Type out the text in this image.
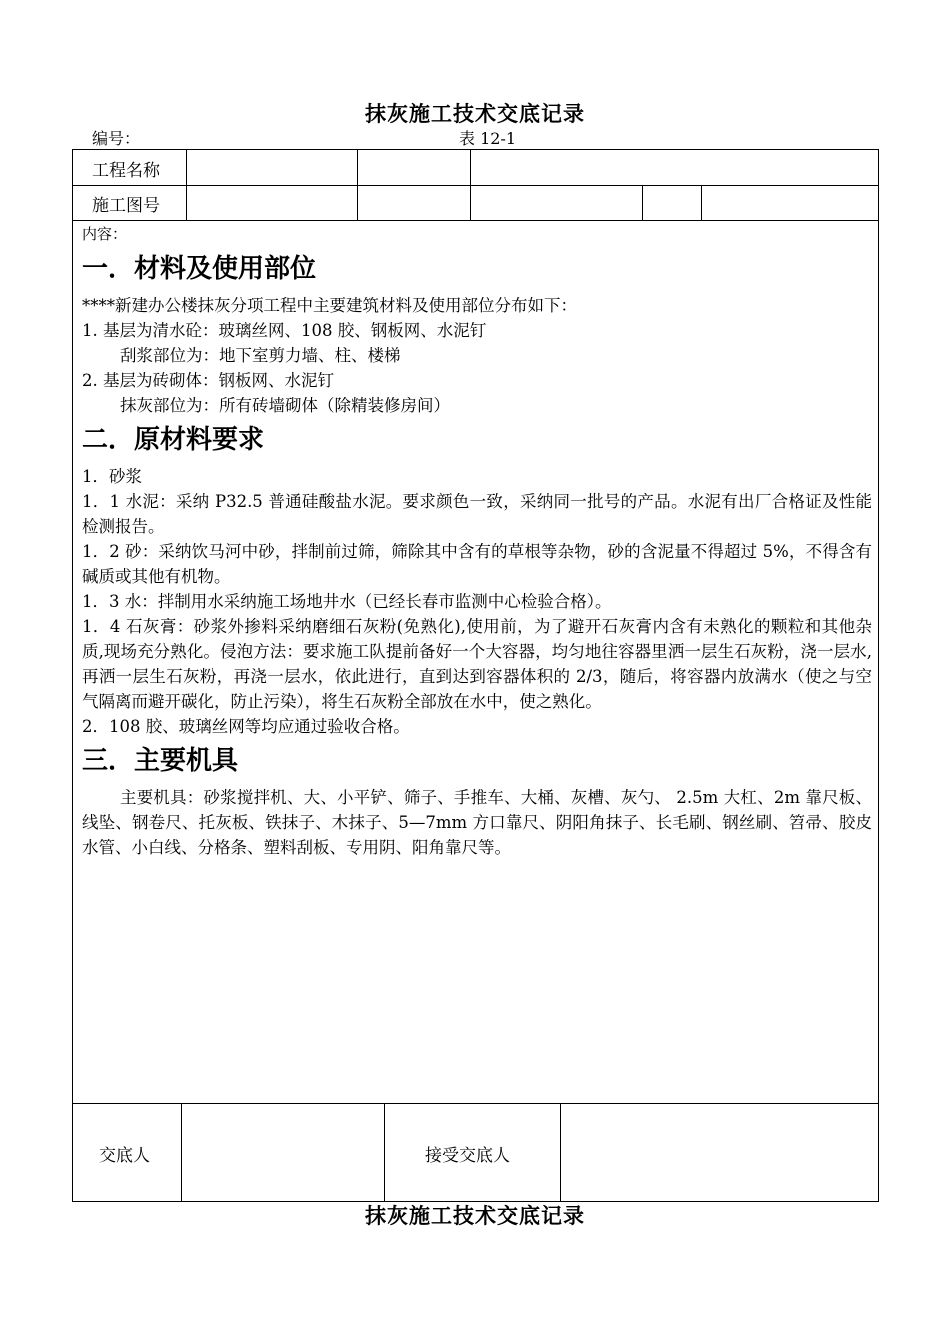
抹灰施工技术交底记录
编号：	表 12-1
工程名称
施工图号
内容：
一．材料及使用部位

****新建办公楼抹灰分项工程中主要建筑材料及使用部位分布如下：

1. 基层为清水砼：玻璃丝网、108 胶、钢板网、水泥钉

刮浆部位为：地下室剪力墙、柱、楼梯

2. 基层为砖砌体：钢板网、水泥钉

抹灰部位为：所有砖墙砌体（除精装修房间）

二．原材料要求

1．砂浆

1．1 水泥：采纳 P32.5 普通硅酸盐水泥。要求颜色一致，采纳同一批号的产品。水泥有出厂合格证及性能检测报告。

1．2 砂：采纳饮马河中砂，拌制前过筛，筛除其中含有的草根等杂物，砂的含泥量不得超过 5%，不得含有碱质或其他有机物。

1．3 水：拌制用水采纳施工场地井水（已经长春市监测中心检验合格）。

1．4 石灰膏：砂浆外掺料采纳磨细石灰粉(免熟化),使用前，为了避开石灰膏内含有未熟化的颗粒和其他杂质,现场充分熟化。侵泡方法：要求施工队提前备好一个大容器，均匀地往容器里洒一层生石灰粉，浇一层水,再洒一层生石灰粉，再浇一层水，依此进行，直到达到容器体积的 2/3，随后，将容器内放满水（使之与空气隔离而避开碳化，防止污染），将生石灰粉全部放在水中，使之熟化。

2．108 胶、玻璃丝网等均应通过验收合格。

三．主要机具

主要机具：砂浆搅拌机、大、小平铲、筛子、手推车、大桶、灰槽、灰勺、 2.5m 大杠、2m 靠尺板、线坠、钢卷尺、托灰板、铁抹子、木抹子、5—7mm 方口靠尺、阴阳角抹子、长毛刷、钢丝刷、笤帚、胶皮水管、小白线、分格条、塑料刮板、专用阴、阳角靠尺等。

交底人	接受交底人
抹灰施工技术交底记录
